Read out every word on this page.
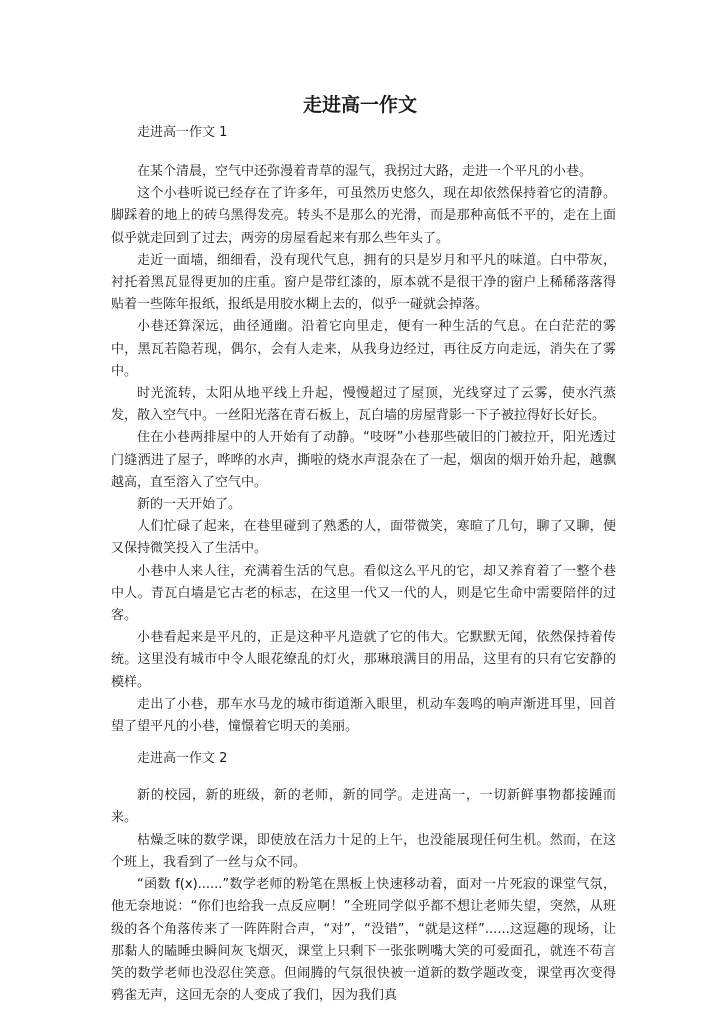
走进高一作文
走进高一作文 1

在某个清晨，空气中还弥漫着青草的湿气，我拐过大路，走进一个平凡的小巷。

这个小巷听说已经存在了许多年，可虽然历史悠久，现在却依然保持着它的清静。脚踩着的地上的砖乌黑得发亮。转头不是那么的光滑，而是那种高低不平的，走在上面似乎就走回到了过去，两旁的房屋看起来有那么些年头了。

走近一面墙，细细看，没有现代气息，拥有的只是岁月和平凡的味道。白中带灰，衬托着黑瓦显得更加的庄重。窗户是带红漆的，原本就不是很干净的窗户上稀稀落落得贴着一些陈年报纸，报纸是用胶水糊上去的，似乎一碰就会掉落。

小巷还算深远，曲径通幽。沿着它向里走，便有一种生活的气息。在白茫茫的雾中，黑瓦若隐若现，偶尔，会有人走来，从我身边经过，再往反方向走远，消失在了雾中。

时光流转，太阳从地平线上升起，慢慢超过了屋顶，光线穿过了云雾，使水汽蒸发，散入空气中。一丝阳光落在青石板上，瓦白墙的房屋背影一下子被拉得好长好长。

住在小巷两排屋中的人开始有了动静。“吱呀”小巷那些破旧的门被拉开，阳光透过门缝洒进了屋子，哗哗的水声，撕啦的烧水声混杂在了一起，烟囱的烟开始升起，越飘越高，直至溶入了空气中。

新的一天开始了。

人们忙碌了起来，在巷里碰到了熟悉的人，面带微笑，寒暄了几句，聊了又聊，便又保持微笑投入了生活中。

小巷中人来人往，充满着生活的气息。看似这么平凡的它，却又养育着了一整个巷中人。青瓦白墙是它古老的标志，在这里一代又一代的人，则是它生命中需要陪伴的过客。

小巷看起来是平凡的，正是这种平凡造就了它的伟大。它默默无闻，依然保持着传统。这里没有城市中令人眼花缭乱的灯火，那琳琅满目的用品，这里有的只有它安静的模样。

走出了小巷，那车水马龙的城市街道渐入眼里，机动车轰鸣的响声渐进耳里，回首望了望平凡的小巷，憧憬着它明天的美丽。

走进高一作文 2

新的校园，新的班级，新的老师，新的同学。走进高一，一切新鲜事物都接踵而来。

枯燥乏味的数学课，即使放在活力十足的上午，也没能展现任何生机。然而，在这个班上，我看到了一丝与众不同。

“函数 f(x)......”数学老师的粉笔在黑板上快速移动着，面对一片死寂的课堂气氛，他无奈地说：“你们也给我一点反应啊！”全班同学似乎都不想让老师失望，突然，从班级的各个角落传来了一阵阵附合声，“对”，“没错”，“就是这样”......这逗趣的现场，让那黏人的瞌睡虫瞬间灰飞烟灭，课堂上只剩下一张张咧嘴大笑的可爱面孔，就连不苟言笑的数学老师也没忍住笑意。但闹腾的气氛很快被一道新的数学题改变，课堂再次变得鸦雀无声，这回无奈的人变成了我们，因为我们真
